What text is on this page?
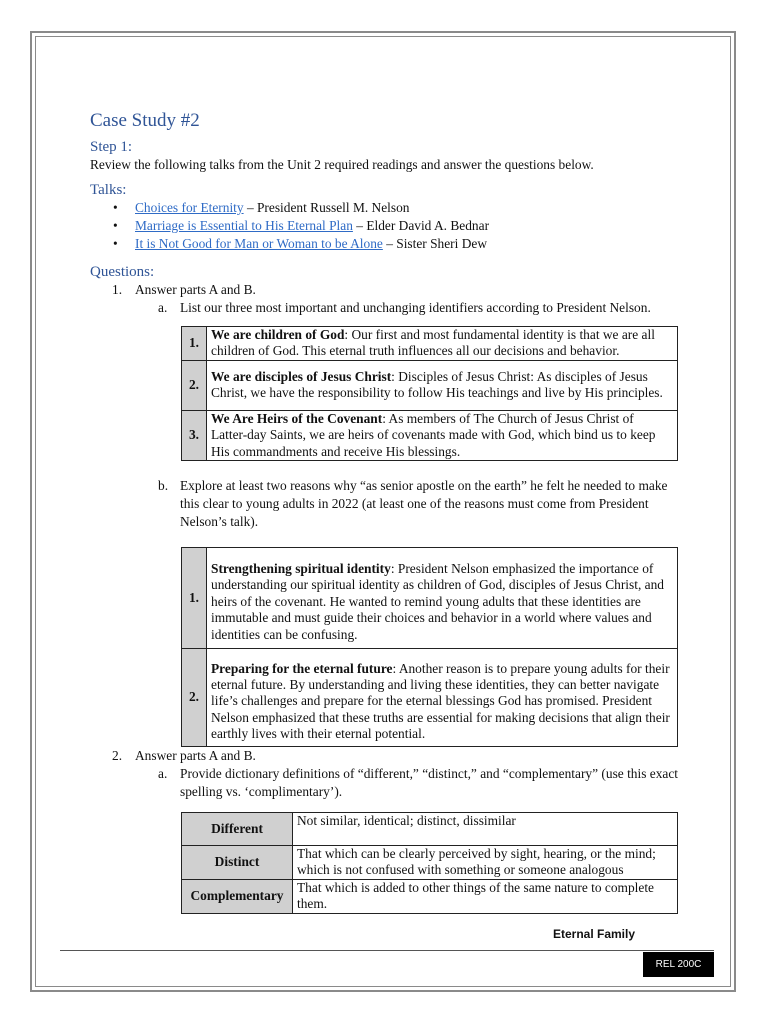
Case Study #2
Step 1:
Review the following talks from the Unit 2 required readings and answer the questions below.
Talks:
• Choices for Eternity – President Russell M. Nelson
• Marriage is Essential to His Eternal Plan – Elder David A. Bednar
• It is Not Good for Man or Woman to be Alone – Sister Sheri Dew
Questions:
1. Answer parts A and B.
a. List our three most important and unchanging identifiers according to President Nelson.
1.	We are children of God: Our first and most fundamental identity is that we are all children of God. This eternal truth influences all our decisions and behavior.
2.	We are disciples of Jesus Christ: Disciples of Jesus Christ: As disciples of Jesus Christ, we have the responsibility to follow His teachings and live by His principles.
3.	We Are Heirs of the Covenant: As members of The Church of Jesus Christ of Latter-day Saints, we are heirs of covenants made with God, which bind us to keep His commandments and receive His blessings.
b. Explore at least two reasons why “as senior apostle on the earth” he felt he needed to make this clear to young adults in 2022 (at least one of the reasons must come from President Nelson’s talk).
1.	Strengthening spiritual identity: President Nelson emphasized the importance of understanding our spiritual identity as children of God, disciples of Jesus Christ, and heirs of the covenant. He wanted to remind young adults that these identities are immutable and must guide their choices and behavior in a world where values and identities can be confusing.
2.	Preparing for the eternal future: Another reason is to prepare young adults for their eternal future. By understanding and living these identities, they can better navigate life’s challenges and prepare for the eternal blessings God has promised. President Nelson emphasized that these truths are essential for making decisions that align their earthly lives with their eternal potential.
2. Answer parts A and B.
a. Provide dictionary definitions of “different,” “distinct,” and “complementary” (use this exact spelling vs. ‘complimentary’).
Different	Not similar, identical; distinct, dissimilar
Distinct	That which can be clearly perceived by sight, hearing, or the mind; which is not confused with something or someone analogous
Complementary	That which is added to other things of the same nature to complete them.
Eternal Family
REL 200C
